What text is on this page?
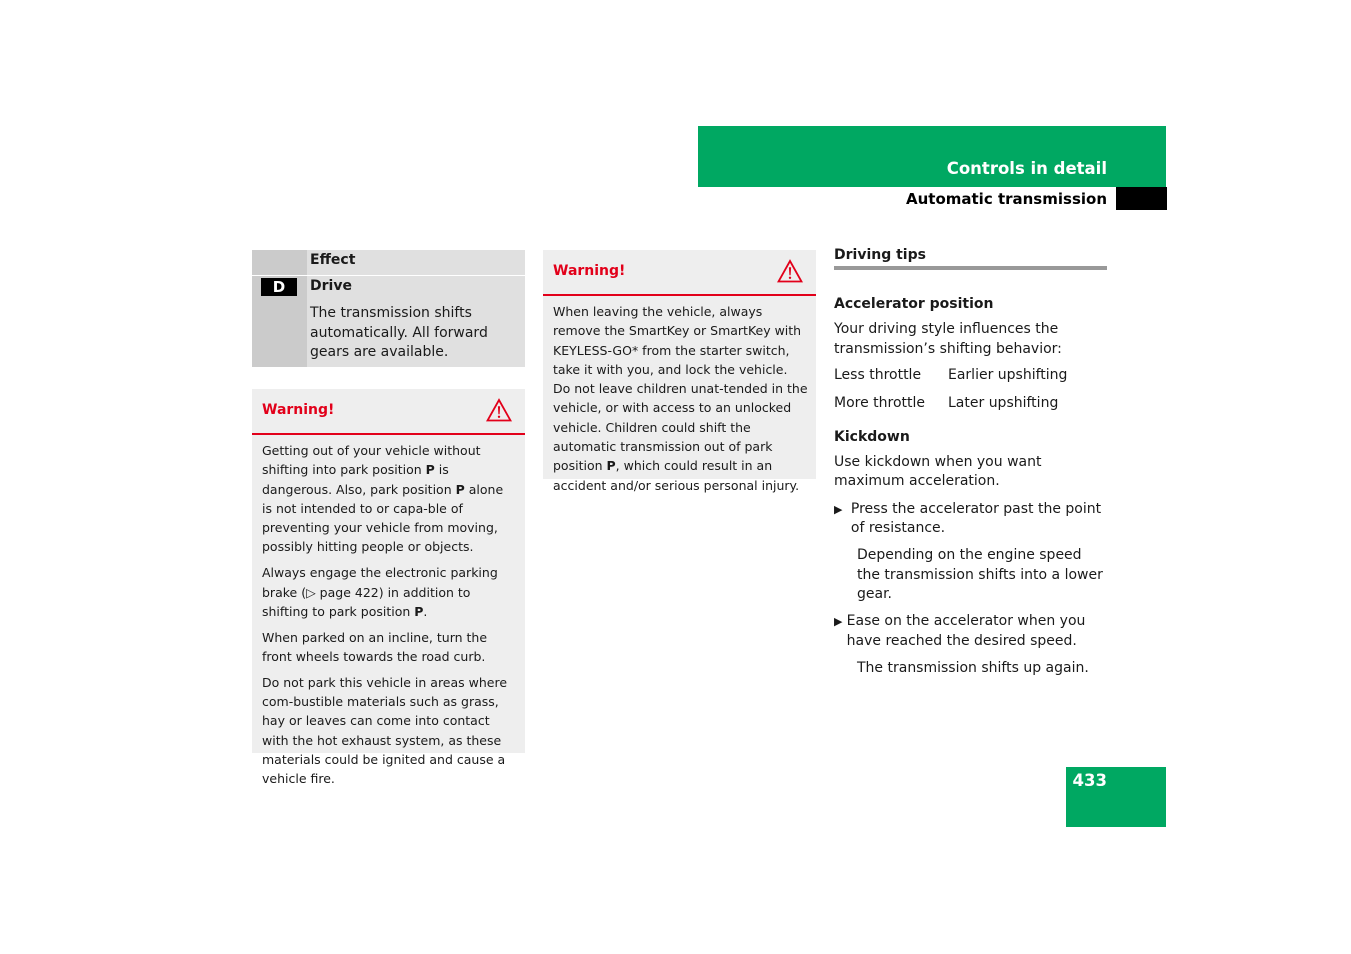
Controls in detail
Automatic transmission
Effect
D	Drive
The transmission shifts automatically. All forward gears are available.
Warning!

Getting out of your vehicle without shifting into park position P is dangerous. Also, park position P alone is not intended to or capa-ble of preventing your vehicle from moving, possibly hitting people or objects.

Always engage the electronic parking brake (▷ page 422) in addition to shifting to park position P.

When parked on an incline, turn the front wheels towards the road curb.

Do not park this vehicle in areas where com-bustible materials such as grass, hay or leaves can come into contact with the hot exhaust system, as these materials could be ignited and cause a vehicle fire.

Warning!

When leaving the vehicle, always remove the SmartKey or SmartKey with KEYLESS-GO* from the starter switch, take it with you, and lock the vehicle. Do not leave children unat-tended in the vehicle, or with access to an unlocked vehicle. Children could shift the automatic transmission out of park position P, which could result in an accident and/or serious personal injury.

Driving tips
Accelerator position
Your driving style influences the transmission’s shifting behavior:
Less throttle	Earlier upshifting
More throttle	Later upshifting
Kickdown
Use kickdown when you want maximum acceleration.
▶ Press the accelerator past the point of resistance.
Depending on the engine speed the transmission shifts into a lower gear.
▶ Ease on the accelerator when you have reached the desired speed.
The transmission shifts up again.
433
